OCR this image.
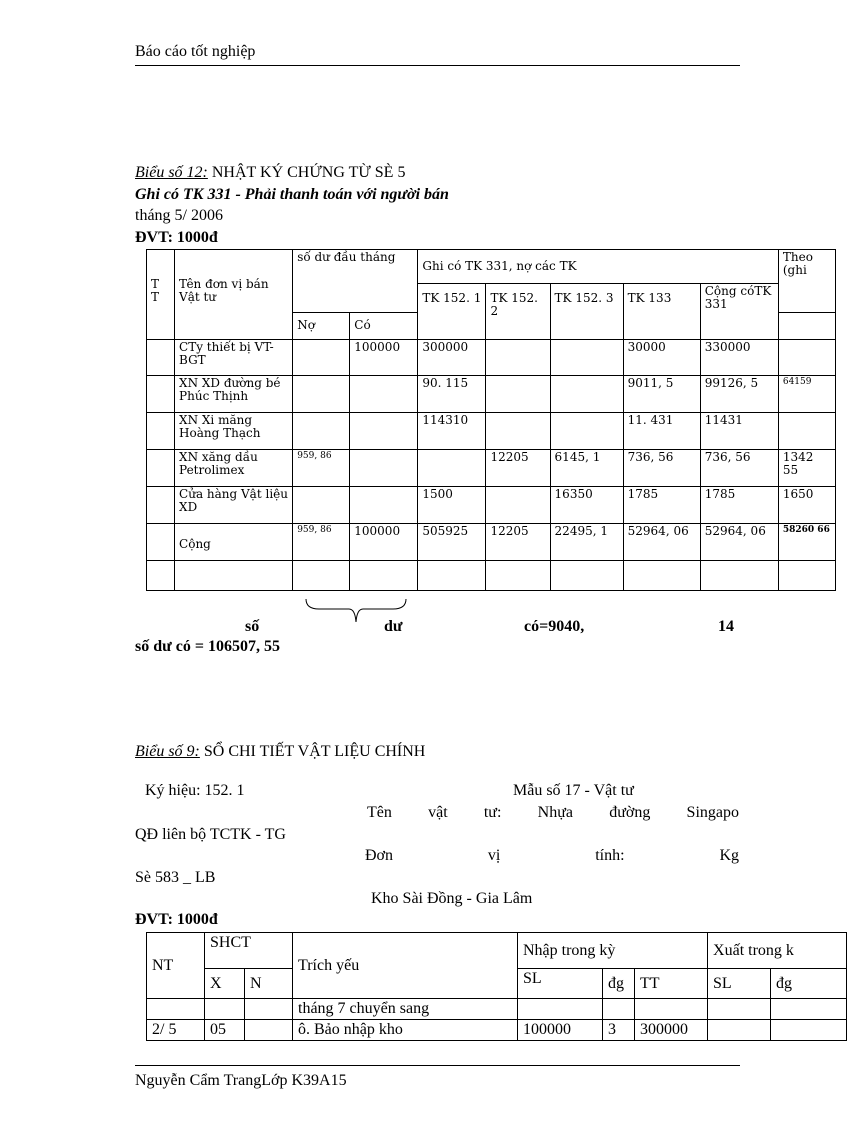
Báo cáo tốt nghiệp
Biểu số 12: NHẬT KÝ CHỨNG TỪ SÈ 5
Ghi có TK 331 - Phải thanh toán với người bán
tháng 5/ 2006
ĐVT: 1000đ
T T	Tên đơn vị bán Vật tư	số dư đầu tháng		Ghi có TK 331, nợ các TK					Theo (ghi
				TK 152. 1	TK 152. 2	TK 152. 3	TK 133	Cộng cóTK 331	
		Nợ	Có						
	CTy thiết bị VT- BGT		100000	300000			30000	330000	
	XN XD đường bé Phúc Thịnh			90. 115			9011, 5	99126, 5	64159
	XN Xi măng Hoàng Thạch			114310			11. 431	11431	
	XN xăng dầu Petrolimex	959, 86			12205	6145, 1	736, 56	736, 56	1342 55
	Cửa hàng Vật liệu XD			1500		16350	1785	1785	1650
	Cộng	959, 86	100000	505925	12205	22495, 1	52964, 06	52964, 06	58260 66

số	dư	có=9040,	14
số dư có = 106507, 55
Biểu số 9: SỔ CHI TIẾT VẬT LIỆU CHÍNH
Ký hiệu: 152. 1	Mẫu số 17 - Vật tư
Tên vật tư: Nhựa đường Singapo
QĐ liên bộ TCTK - TG
Đơn vị tính: Kg
Sè 583 _ LB
Kho Sài Đồng - Gia Lâm
ĐVT: 1000đ
NT	SHCT		Trích yếu	Nhập trong kỳ			Xuất trong k	
	X	N		SL	đg	TT	SL	đg
			tháng 7 chuyển sang					
2/ 5	05		ô. Bảo nhập kho	100000	3	300000		
Nguyễn Cẩm TrangLớp K39A15
